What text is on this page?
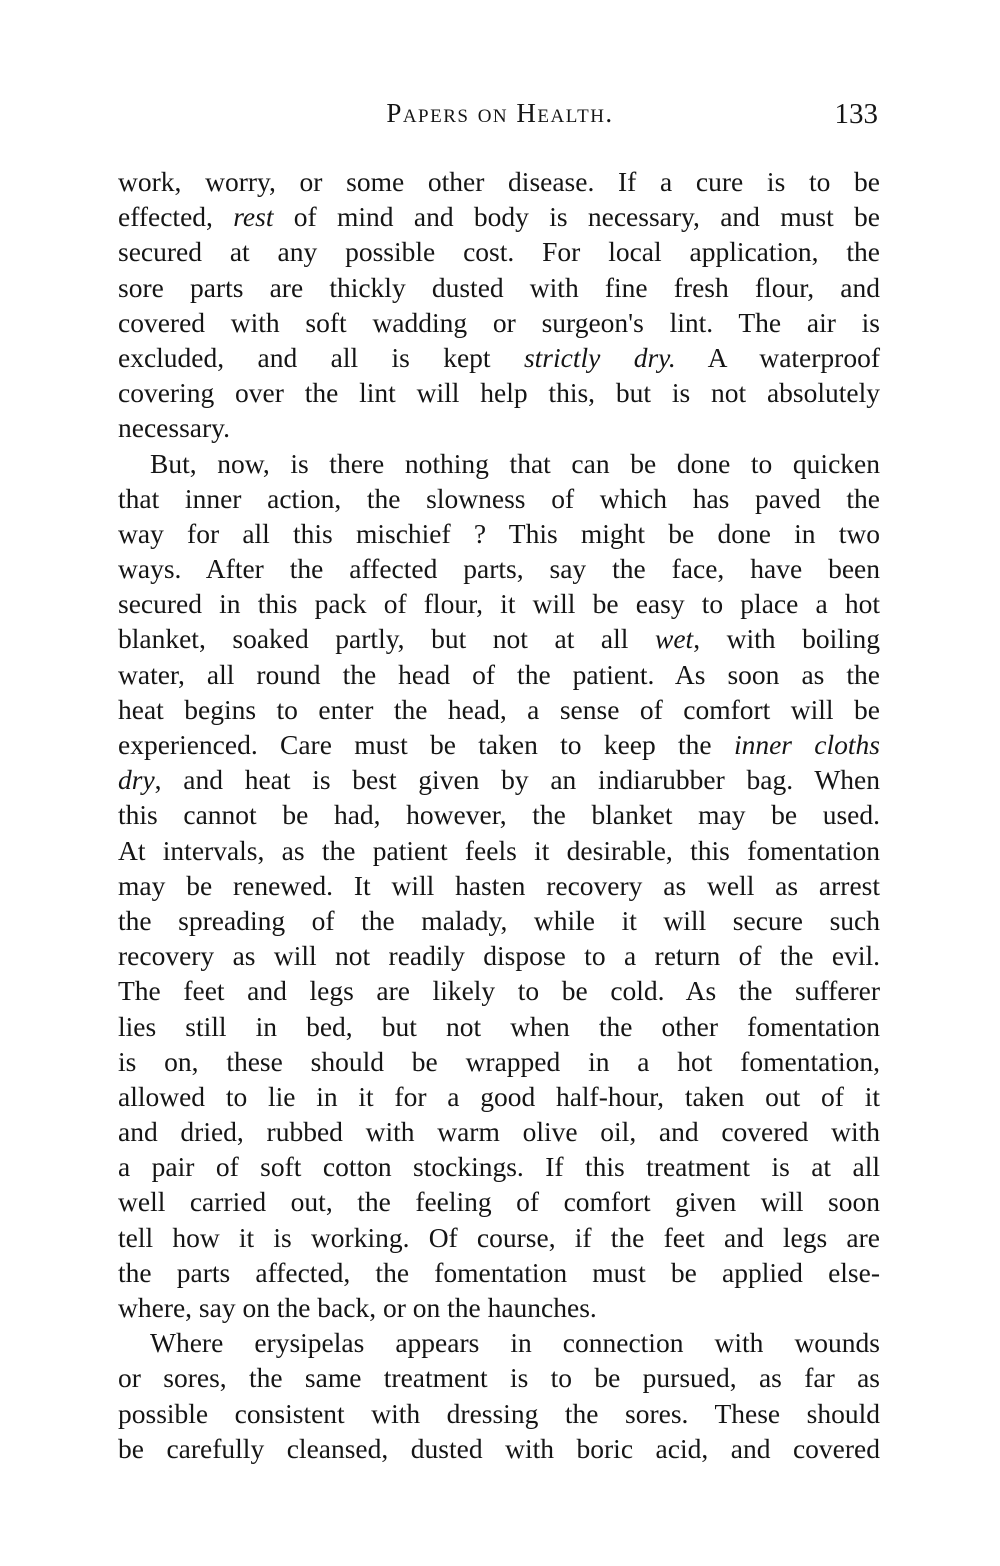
Papers on Health.	133
work, worry, or some other disease. If a cure is to be
effected, rest of mind and body is necessary, and must be
secured at any possible cost. For local application, the
sore parts are thickly dusted with fine fresh flour, and
covered with soft wadding or surgeon's lint. The air is
excluded, and all is kept strictly dry. A waterproof
covering over the lint will help this, but is not absolutely
necessary.
But, now, is there nothing that can be done to quicken
that inner action, the slowness of which has paved the
way for all this mischief ? This might be done in two
ways. After the affected parts, say the face, have been
secured in this pack of flour, it will be easy to place a hot
blanket, soaked partly, but not at all wet, with boiling
water, all round the head of the patient. As soon as the
heat begins to enter the head, a sense of comfort will be
experienced. Care must be taken to keep the inner cloths
dry, and heat is best given by an indiarubber bag. When
this cannot be had, however, the blanket may be used.
At intervals, as the patient feels it desirable, this fomentation
may be renewed. It will hasten recovery as well as arrest
the spreading of the malady, while it will secure such
recovery as will not readily dispose to a return of the evil.
The feet and legs are likely to be cold. As the sufferer
lies still in bed, but not when the other fomentation
is on, these should be wrapped in a hot fomentation,
allowed to lie in it for a good half-hour, taken out of it
and dried, rubbed with warm olive oil, and covered with
a pair of soft cotton stockings. If this treatment is at all
well carried out, the feeling of comfort given will soon
tell how it is working. Of course, if the feet and legs are
the parts affected, the fomentation must be applied else-
where, say on the back, or on the haunches.
Where erysipelas appears in connection with wounds
or sores, the same treatment is to be pursued, as far as
possible consistent with dressing the sores. These should
be carefully cleansed, dusted with boric acid, and covered
